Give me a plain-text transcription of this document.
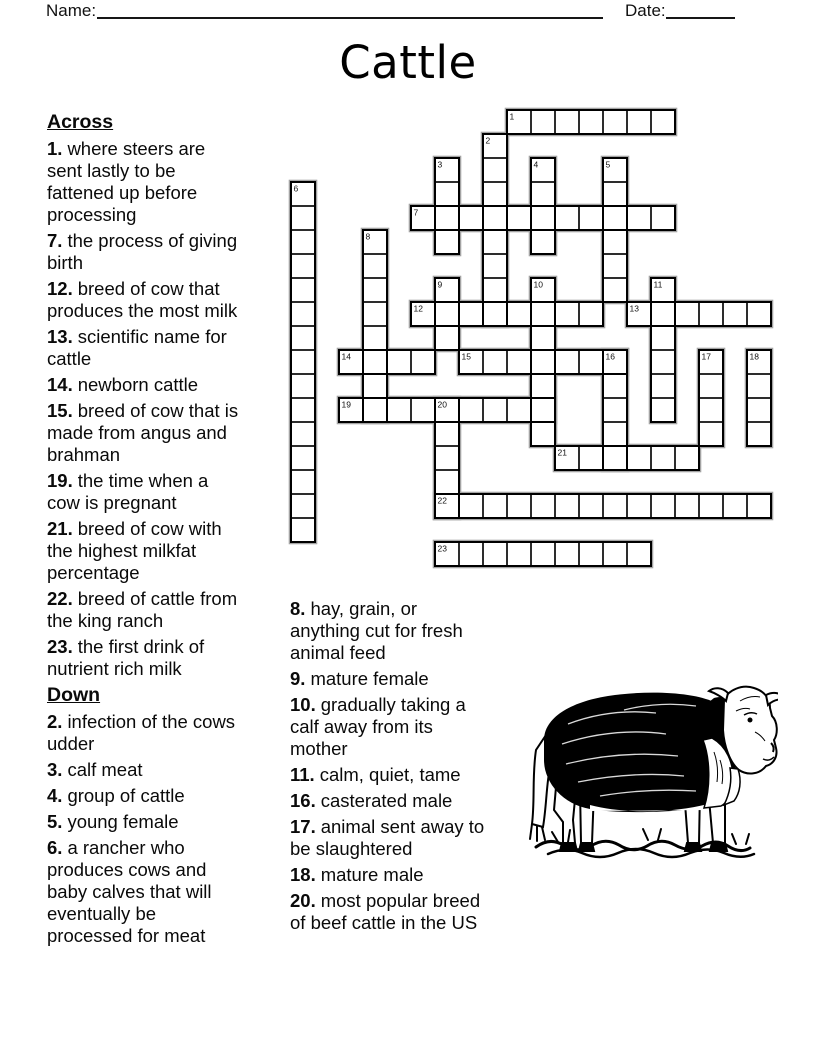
Name:	Date:
Cattle
Across

1. where steers are sent lastly to be fattened up before processing

7. the process of giving birth

12. breed of cow that produces the most milk

13. scientific name for cattle

14. newborn cattle

15. breed of cow that is made from angus and brahman

19. the time when a cow is pregnant

21. breed of cow with the highest milkfat percentage

22. breed of cattle from the king ranch

23. the first drink of nutrient rich milk

Down

2. infection of the cows udder

3. calf meat

4. group of cattle

5. young female

6. a rancher who produces cows and baby calves that will eventually be processed for meat

8. hay, grain, or anything cut for fresh animal feed

9. mature female

10. gradually taking a calf away from its mother

11. calm, quiet, tame

16. casterated male

17. animal sent away to be slaughtered

18. mature male

20. most popular breed of beef cattle in the US

1
2
3	4	5
6
7
8
9	10	11
12	13
14	15	16	17	18
19	20
21
22
23
